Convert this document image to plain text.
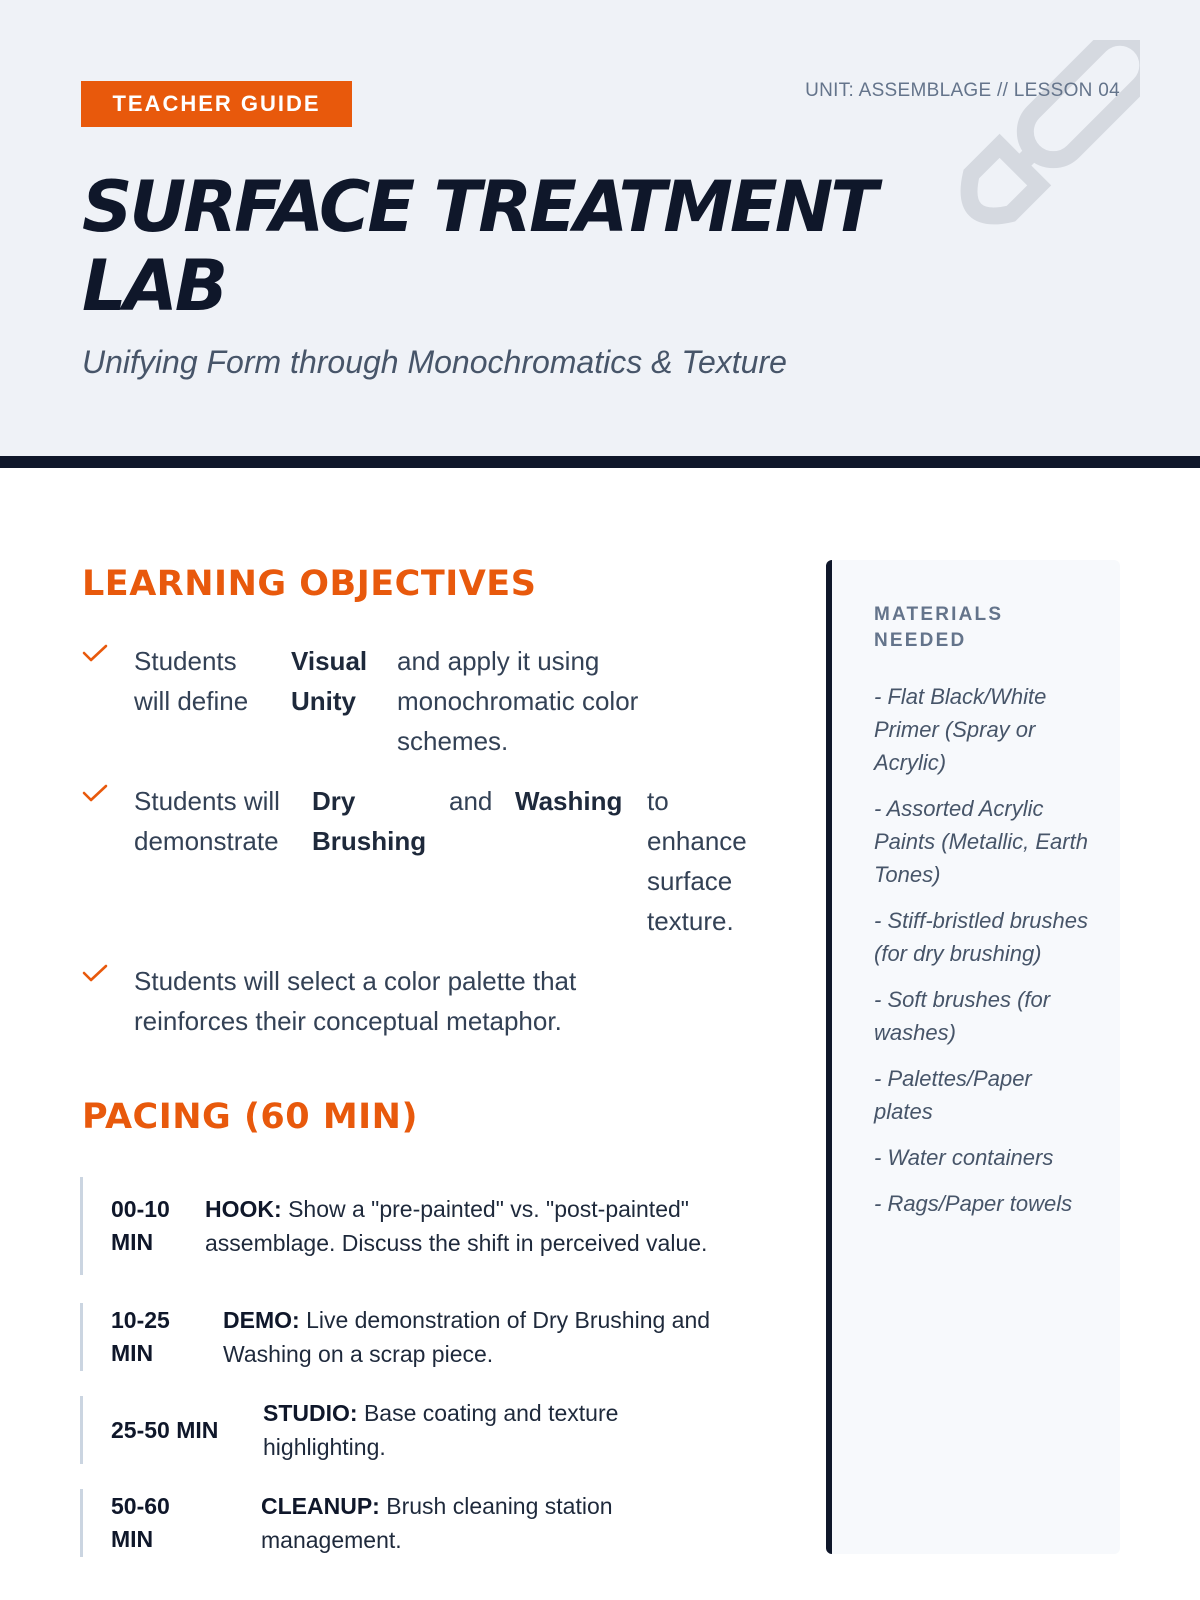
TEACHER GUIDE
UNIT: ASSEMBLAGE // LESSON 04
SURFACE TREATMENT
LAB
Unifying Form through Monochromatics & Texture
LEARNING OBJECTIVES
Students will define
Visual Unity
and apply it using monochromatic color schemes.
Students will demonstrate
Dry Brushing
and Washing to enhance surface texture.
Students will select a color palette that reinforces their conceptual metaphor.
PACING (60 MIN)
00-10 MIN
HOOK: Show a "pre-painted" vs. "post-painted" assemblage. Discuss the shift in perceived value.
10-25 MIN
DEMO: Live demonstration of Dry Brushing and Washing on a scrap piece.
25-50 MIN
STUDIO: Base coating and texture highlighting.
50-60 MIN
CLEANUP: Brush cleaning station management.
MATERIALS NEEDED
- Flat Black/White Primer (Spray or Acrylic)
- Assorted Acrylic Paints (Metallic, Earth Tones)
- Stiff-bristled brushes (for dry brushing)
- Soft brushes (for washes)
- Palettes/Paper plates
- Water containers
- Rags/Paper towels
